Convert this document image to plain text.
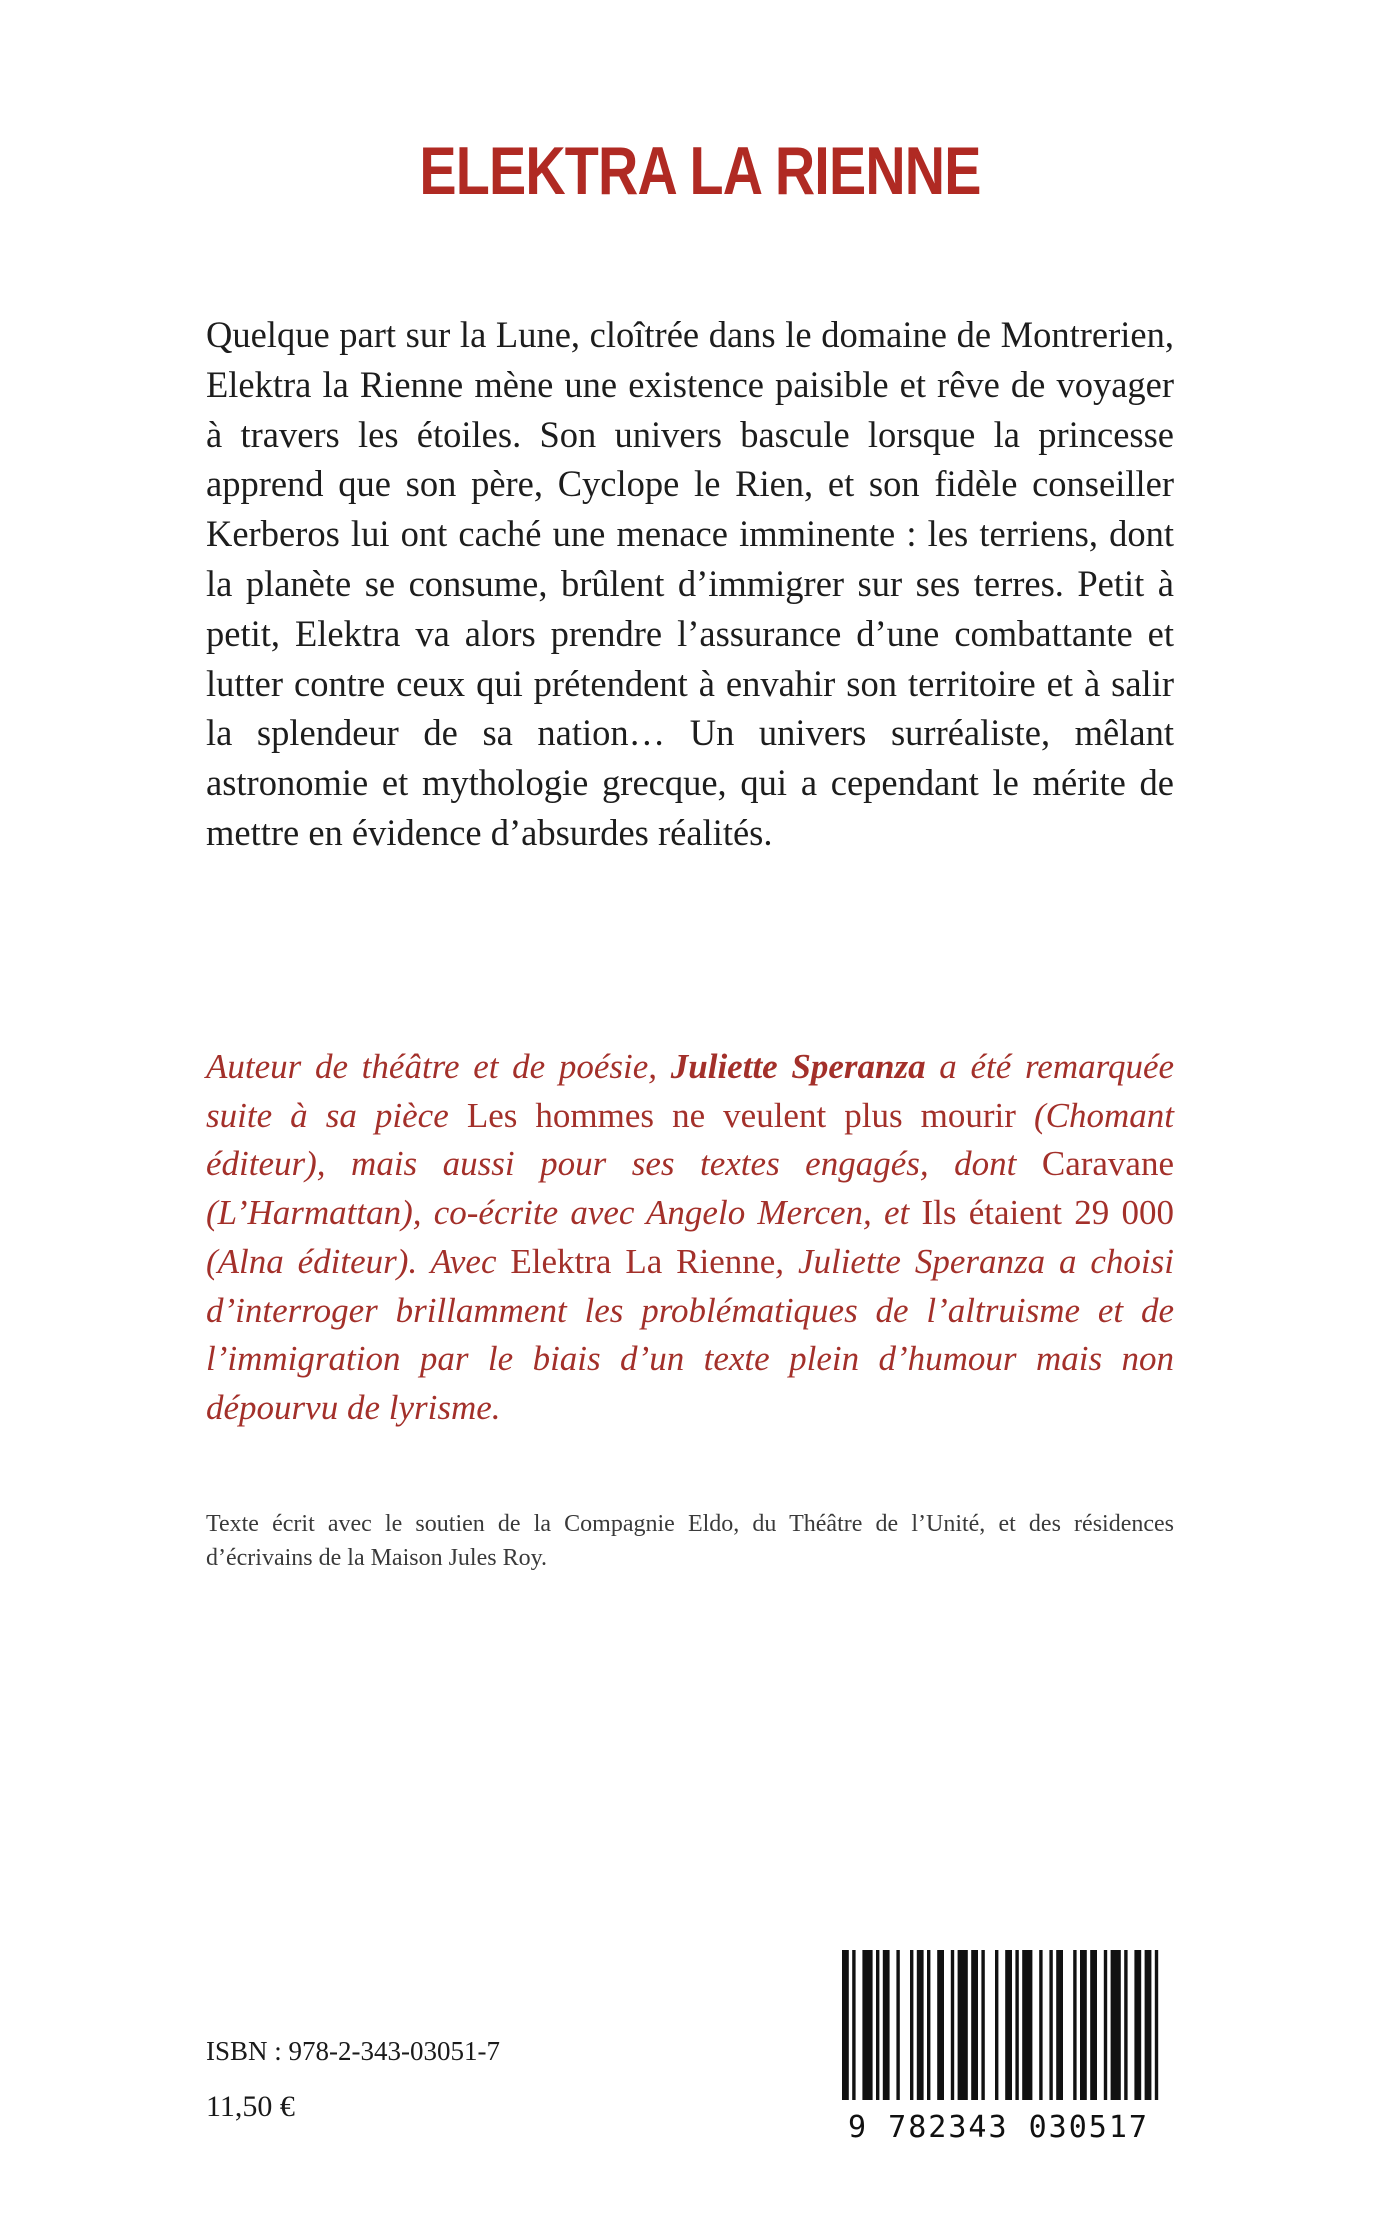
ELEKTRA LA RIENNE

Quelque part sur la Lune, cloîtrée dans le domaine de Montrerien, Elektra la Rienne mène une existence paisible et rêve de voyager à travers les étoiles. Son univers bascule lorsque la princesse apprend que son père, Cyclope le Rien, et son fidèle conseiller Kerberos lui ont caché une menace imminente : les terriens, dont la planète se consume, brûlent d’immigrer sur ses terres. Petit à petit, Elektra va alors prendre l’assurance d’une combattante et lutter contre ceux qui prétendent à envahir son territoire et à salir la splendeur de sa nation… Un univers surréaliste, mêlant astronomie et mythologie grecque, qui a cependant le mérite de mettre en évidence d’absurdes réalités.

Auteur de théâtre et de poésie, Juliette Speranza a été remarquée suite à sa pièce Les hommes ne veulent plus mourir (Chomant éditeur), mais aussi pour ses textes engagés, dont Caravane (L’Harmattan), co-écrite avec Angelo Mercen, et Ils étaient 29 000 (Alna éditeur). Avec Elektra La Rienne, Juliette Speranza a choisi d’interroger brillamment les problématiques de l’altruisme et de l’immigration par le biais d’un texte plein d’humour mais non dépourvu de lyrisme.

Texte écrit avec le soutien de la Compagnie Eldo, du Théâtre de l’Unité, et des résidences d’écrivains de la Maison Jules Roy.

ISBN : 978-2-343-03051-7

11,50 €

9 782343 030517
